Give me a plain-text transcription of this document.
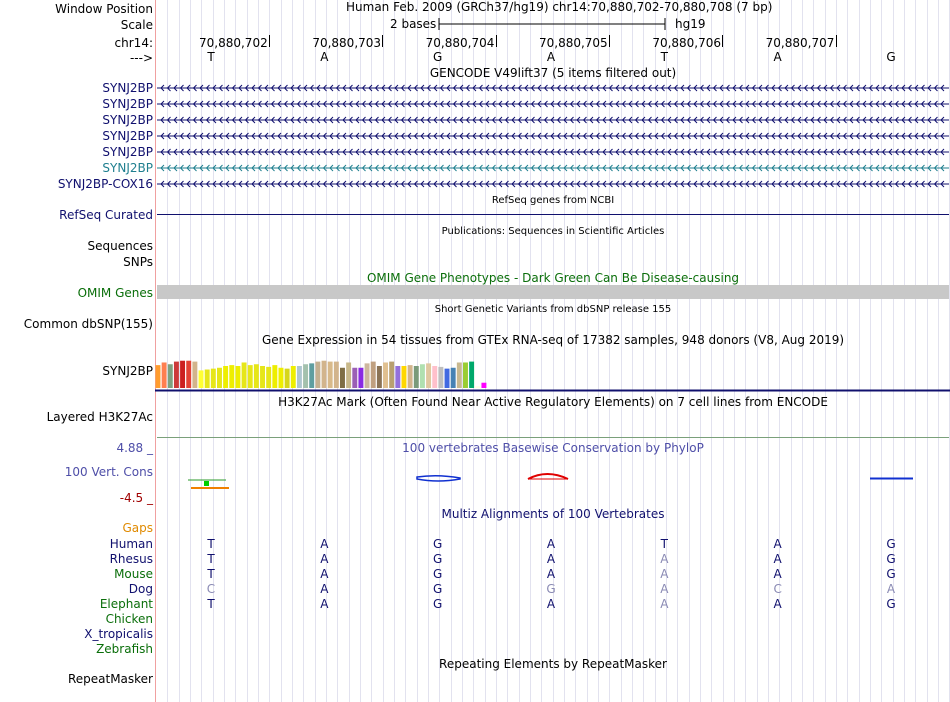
Window Position	Human Feb. 2009 (GRCh37/hg19) chr14:70,880,702-70,880,708 (7 bp)
Scale	2 bases	hg19
chr14:	70,880,702	70,880,703	70,880,704	70,880,705	70,880,706	70,880,707
--->	T	A	G	A	T	A	G
GENCODE V49lift37 (5 items filtered out)
SYNJ2BP
SYNJ2BP
SYNJ2BP
SYNJ2BP
SYNJ2BP
SYNJ2BP
SYNJ2BP-COX16
RefSeq genes from NCBI
RefSeq Curated
Publications: Sequences in Scientific Articles
Sequences
SNPs
OMIM Gene Phenotypes - Dark Green Can Be Disease-causing
OMIM Genes
Short Genetic Variants from dbSNP release 155
Common dbSNP(155)
Gene Expression in 54 tissues from GTEx RNA-seq of 17382 samples, 948 donors (V8, Aug 2019)
SYNJ2BP
H3K27Ac Mark (Often Found Near Active Regulatory Elements) on 7 cell lines from ENCODE
Layered H3K27Ac
100 vertebrates Basewise Conservation by PhyloP
4.88 _
100 Vert. Cons
-4.5 _
Multiz Alignments of 100 Vertebrates
Gaps
Human	T	A	G	A	T	A	G
Rhesus	T	A	G	A	A	A	G
Mouse	T	A	G	A	A	A	G
Dog	C	A	G	G	A	C	A
Elephant	T	A	G	A	A	A	G
Chicken
X_tropicalis
Zebrafish
Repeating Elements by RepeatMasker
RepeatMasker
